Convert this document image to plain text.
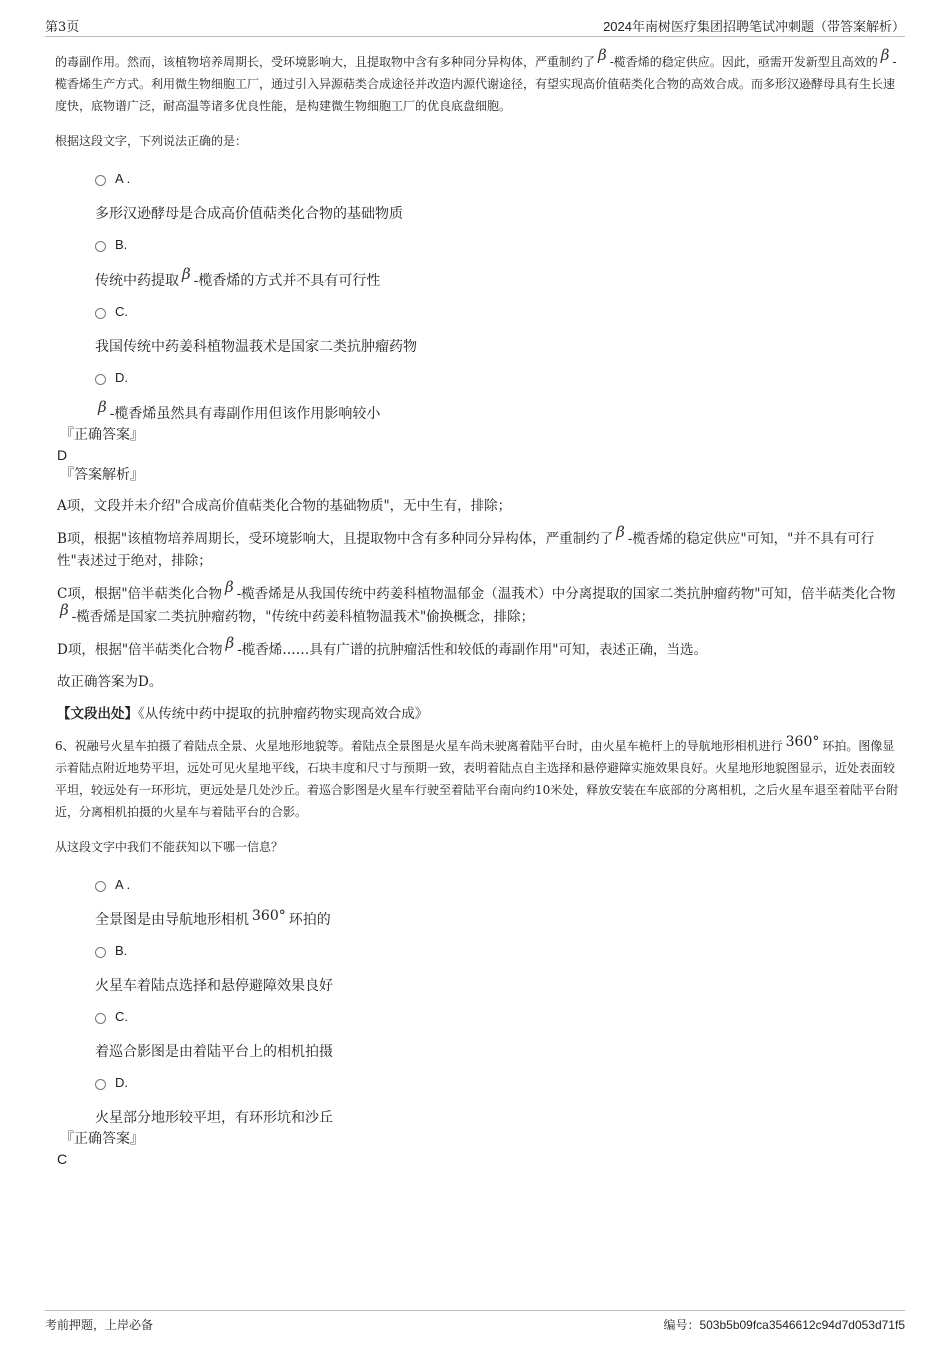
第3页	2024年南树医疗集团招聘笔试冲刺题（带答案解析）

的毒副作用。然而，该植物培养周期长，受环境影响大，且提取物中含有多种同分异构体，严重制约了 β -榄香烯的稳定供应。因此，亟需开发新型且高效的 β -榄香烯生产方式。利用微生物细胞工厂，通过引入异源萜类合成途径并改造内源代谢途径，有望实现高价值萜类化合物的高效合成。而多形汉逊酵母具有生长速度快，底物谱广泛，耐高温等诸多优良性能，是构建微生物细胞工厂的优良底盘细胞。

根据这段文字，下列说法正确的是：

A .
多形汉逊酵母是合成高价值萜类化合物的基础物质
B.
传统中药提取 β -榄香烯的方式并不具有可行性
C.
我国传统中药姜科植物温莪术是国家二类抗肿瘤药物
D.
β -榄香烯虽然具有毒副作用但该作用影响较小
『正确答案』
D
『答案解析』
A项，文段并未介绍"合成高价值萜类化合物的基础物质"，无中生有，排除；
B项，根据"该植物培养周期长，受环境影响大，且提取物中含有多种同分异构体，严重制约了 β -榄香烯的稳定供应"可知，"并不具有可行性"表述过于绝对，排除；
C项，根据"倍半萜类化合物 β -榄香烯是从我国传统中药姜科植物温郁金（温莪术）中分离提取的国家二类抗肿瘤药物"可知，倍半萜类化合物β -榄香烯是国家二类抗肿瘤药物，"传统中药姜科植物温莪术"偷换概念，排除；
D项，根据"倍半萜类化合物 β -榄香烯……具有广谱的抗肿瘤活性和较低的毒副作用"可知，表述正确，当选。
故正确答案为D。
【文段出处】《从传统中药中提取的抗肿瘤药物实现高效合成》

6、祝融号火星车拍摄了着陆点全景、火星地形地貌等。着陆点全景图是火星车尚未驶离着陆平台时，由火星车桅杆上的导航地形相机进行 360° 环拍。图像显示着陆点附近地势平坦，远处可见火星地平线，石块丰度和尺寸与预期一致，表明着陆点自主选择和悬停避障实施效果良好。火星地形地貌图显示，近处表面较平坦，较远处有一环形坑，更远处是几处沙丘。着巡合影图是火星车行驶至着陆平台南向约10米处，释放安装在车底部的分离相机，之后火星车退至着陆平台附近，分离相机拍摄的火星车与着陆平台的合影。

从这段文字中我们不能获知以下哪一信息？

A .
全景图是由导航地形相机 360° 环拍的
B.
火星车着陆点选择和悬停避障效果良好
C.
着巡合影图是由着陆平台上的相机拍摄
D.
火星部分地形较平坦，有环形坑和沙丘
『正确答案』
C
考前押题，上岸必备	编号：503b5b09fca3546612c94d7d053d71f5
